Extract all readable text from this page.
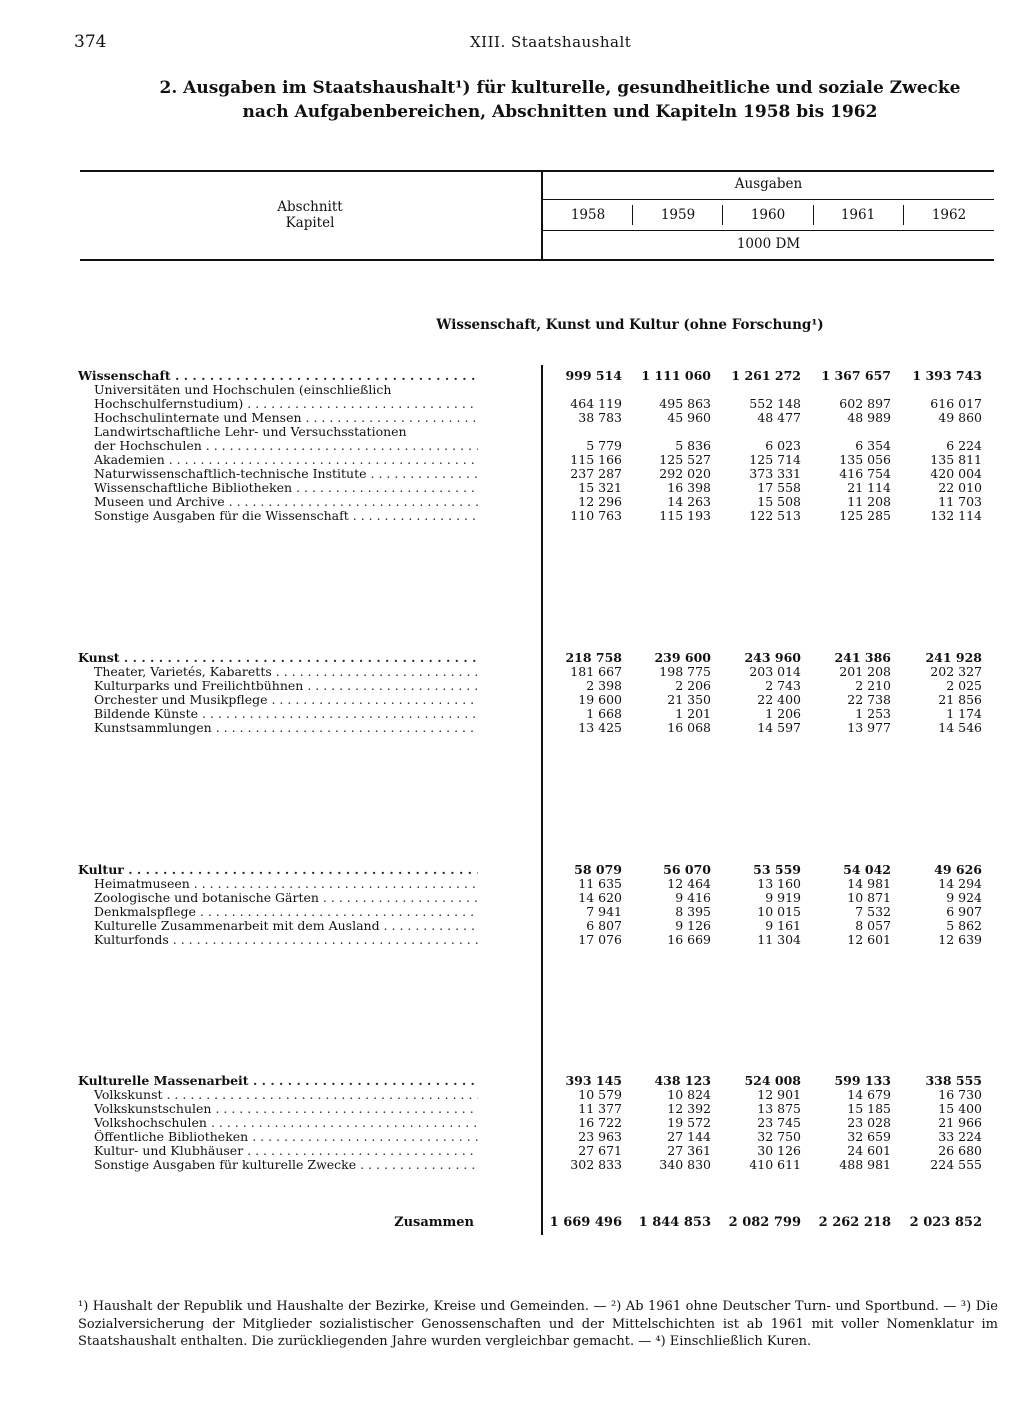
374	XIII. Staatshaushalt
2. Ausgaben im Staatshaushalt¹) für kulturelle, gesundheitliche und soziale Zwecke
nach Aufgabenbereichen, Abschnitten und Kapiteln 1958 bis 1962
Abschnitt
Kapitel
Ausgaben
1958	1959	1960	1961	1962
1000 DM
Wissenschaft, Kunst und Kultur (ohne Forschung¹)
Wissenschaft . . .	999 514	1 111 060	1 261 272	1 367 657	1 393 743
Universitäten und Hochschulen (einschließlich
Hochschulfernstudium) . . .	464 119	495 863	552 148	602 897	616 017
Hochschulinternate und Mensen . . .	38 783	45 960	48 477	48 989	49 860
Landwirtschaftliche Lehr- und Versuchsstationen
der Hochschulen . . .	5 779	5 836	6 023	6 354	6 224
Akademien . . .	115 166	125 527	125 714	135 056	135 811
Naturwissenschaftlich-technische Institute . . .	237 287	292 020	373 331	416 754	420 004
Wissenschaftliche Bibliotheken . . .	15 321	16 398	17 558	21 114	22 010
Museen und Archive . . .	12 296	14 263	15 508	11 208	11 703
Sonstige Ausgaben für die Wissenschaft . . .	110 763	115 193	122 513	125 285	132 114
Kunst . . .	218 758	239 600	243 960	241 386	241 928
Theater, Varietés, Kabaretts . . .	181 667	198 775	203 014	201 208	202 327
Kulturparks und Freilichtbühnen . . .	2 398	2 206	2 743	2 210	2 025
Orchester und Musikpflege . . .	19 600	21 350	22 400	22 738	21 856
Bildende Künste . . .	1 668	1 201	1 206	1 253	1 174
Kunstsammlungen . . .	13 425	16 068	14 597	13 977	14 546
Kultur . . .	58 079	56 070	53 559	54 042	49 626
Heimatmuseen . . .	11 635	12 464	13 160	14 981	14 294
Zoologische und botanische Gärten . . .	14 620	9 416	9 919	10 871	9 924
Denkmalspflege . . .	7 941	8 395	10 015	7 532	6 907
Kulturelle Zusammenarbeit mit dem Ausland . . .	6 807	9 126	9 161	8 057	5 862
Kulturfonds . . .	17 076	16 669	11 304	12 601	12 639
Kulturelle Massenarbeit . . .	393 145	438 123	524 008	599 133	338 555
Volkskunst . . .	10 579	10 824	12 901	14 679	16 730
Volkskunstschulen . . .	11 377	12 392	13 875	15 185	15 400
Volkshochschulen . . .	16 722	19 572	23 745	23 028	21 966
Öffentliche Bibliotheken . . .	23 963	27 144	32 750	32 659	33 224
Kultur- und Klubhäuser . . .	27 671	27 361	30 126	24 601	26 680
Sonstige Ausgaben für kulturelle Zwecke . . .	302 833	340 830	410 611	488 981	224 555
Zusammen	1 669 496	1 844 853	2 082 799	2 262 218	2 023 852
¹) Haushalt der Republik und Haushalte der Bezirke, Kreise und Gemeinden. — ²) Ab 1961 ohne Deutscher Turn- und Sportbund. — ³) Die Sozialversicherung der Mitglieder sozialistischer Genossenschaften und der Mittelschichten ist ab 1961 mit voller Nomenklatur im Staatshaushalt enthalten. Die zurückliegenden Jahre wurden vergleichbar gemacht. — ⁴) Einschließlich Kuren.
